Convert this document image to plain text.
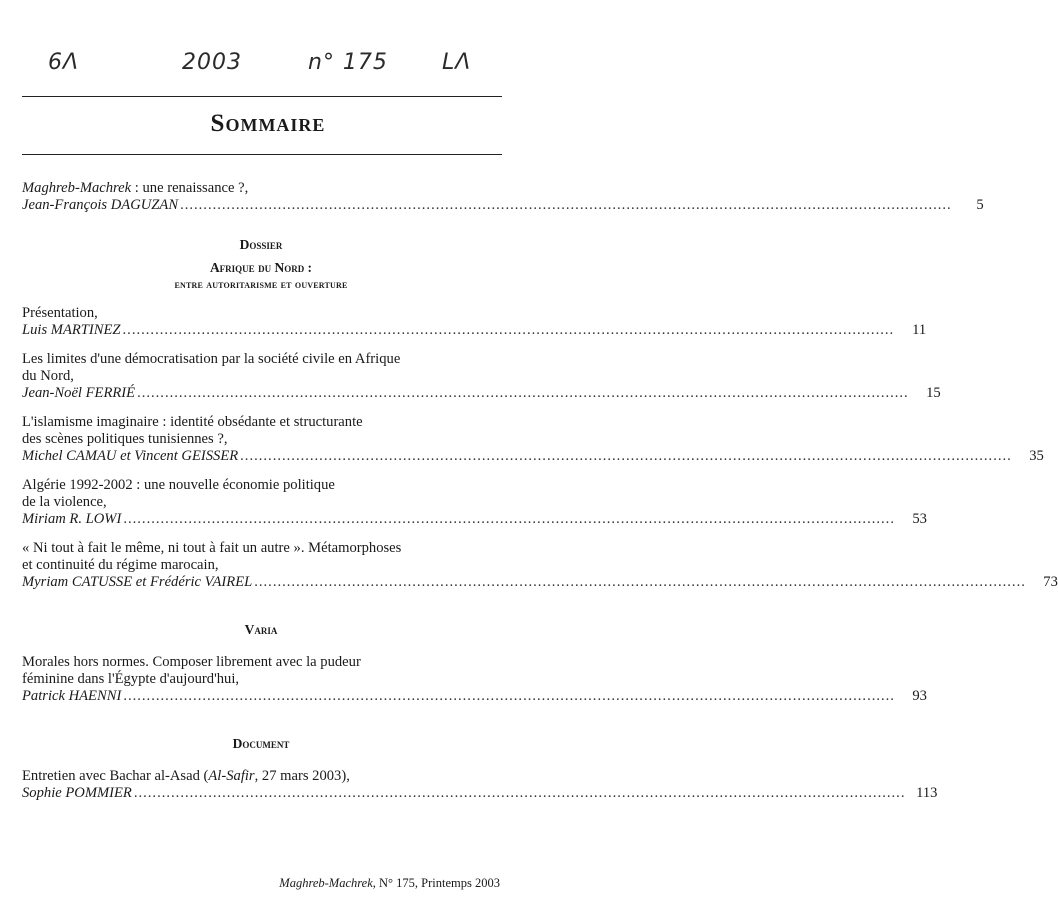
6Λ	2003	n° 175 LΛ
Sommaire
Maghreb-Machrek : une renaissance ?,
Jean-François DAGUZAN ......................................................................................................................................................................	5
Dossier
Afrique du Nord :
entre autoritarisme et ouverture
Présentation,
Luis MARTINEZ ......................................................................................................................................................................	11
Les limites d'une démocratisation par la société civile en Afrique
du Nord,
Jean-Noël FERRIÉ ......................................................................................................................................................................	15
L'islamisme imaginaire : identité obsédante et structurante
des scènes politiques tunisiennes ?,
Michel CAMAU et Vincent GEISSER ......................................................................................................................................................................	35
Algérie 1992-2002 : une nouvelle économie politique
de la violence,
Miriam R. LOWI ......................................................................................................................................................................	53
« Ni tout à fait le même, ni tout à fait un autre ». Métamorphoses
et continuité du régime marocain,
Myriam CATUSSE et Frédéric VAIREL ......................................................................................................................................................................	73
Varia
Morales hors normes. Composer librement avec la pudeur
féminine dans l'Égypte d'aujourd'hui,
Patrick HAENNI ......................................................................................................................................................................	93
Document
Entretien avec Bachar al-Asad (Al-Safir, 27 mars 2003),
Sophie POMMIER ...................................................................................................................................................................... 113
Maghreb-Machrek, N° 175, Printemps 2003
